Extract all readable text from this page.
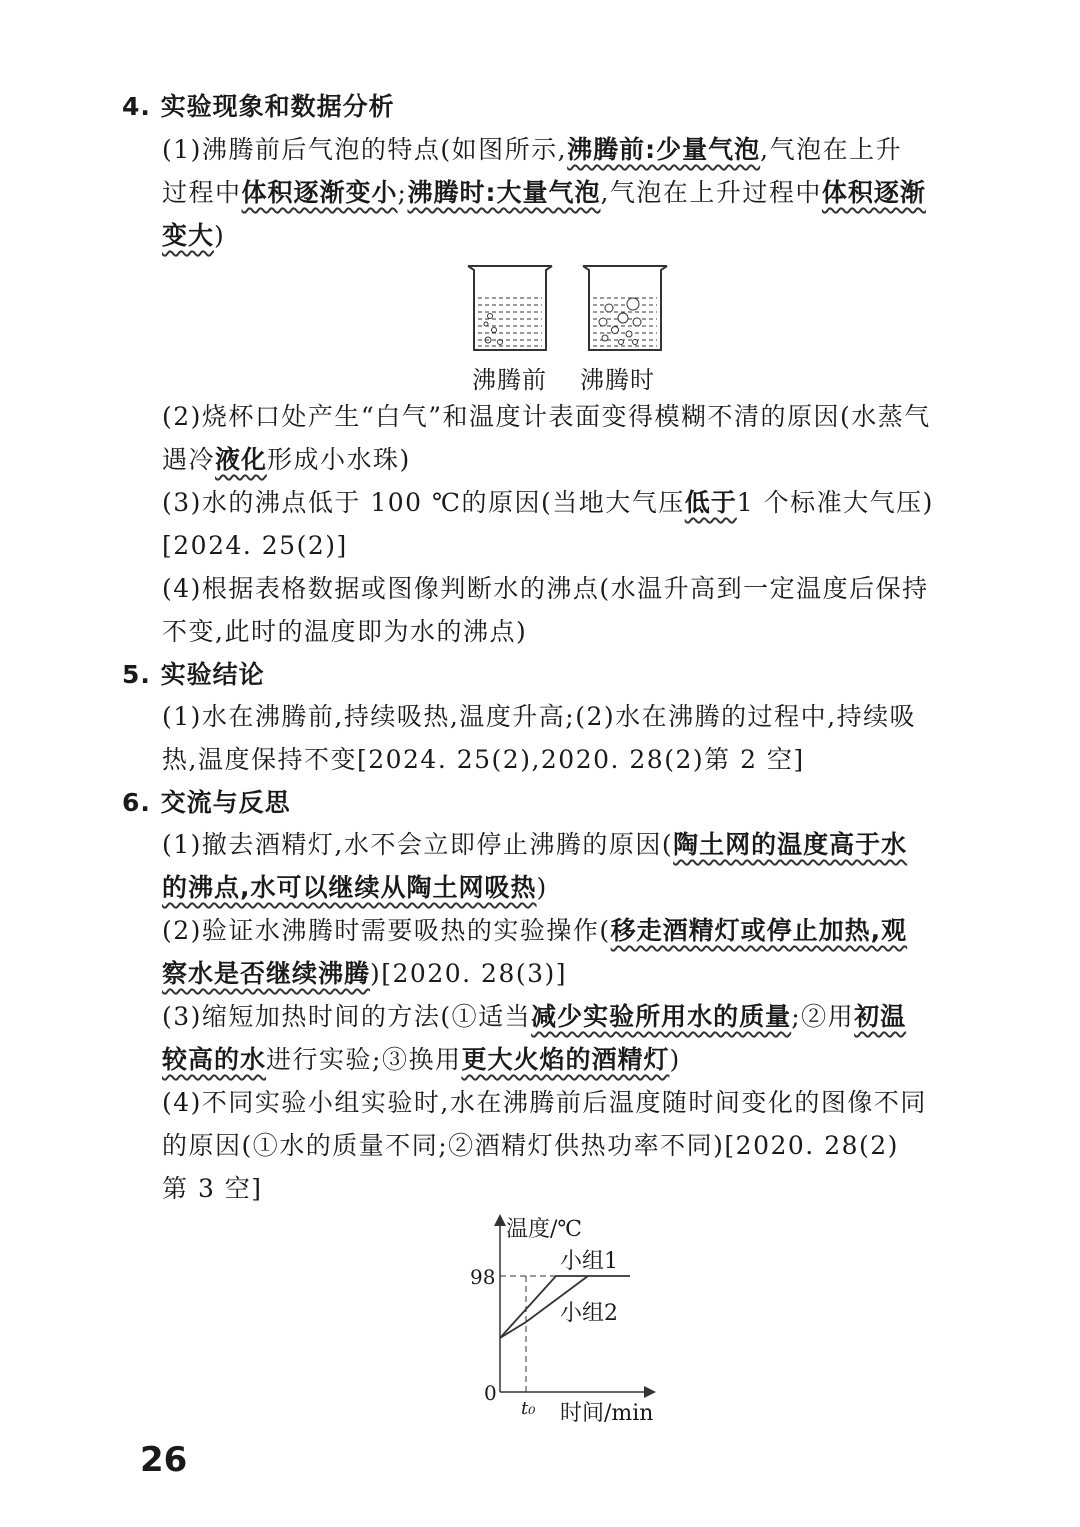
4. 实验现象和数据分析
(1)沸腾前后气泡的特点(如图所示,沸腾前:少量气泡,气泡在上升
过程中体积逐渐变小;沸腾时:大量气泡,气泡在上升过程中体积逐渐
变大)
沸腾前 沸腾时
(2)烧杯口处产生“白气”和温度计表面变得模糊不清的原因(水蒸气
遇冷液化形成小水珠)
(3)水的沸点低于 100 ℃的原因(当地大气压低于1 个标准大气压)
[2024. 25(2)]
(4)根据表格数据或图像判断水的沸点(水温升高到一定温度后保持
不变,此时的温度即为水的沸点)
5. 实验结论
(1)水在沸腾前,持续吸热,温度升高;(2)水在沸腾的过程中,持续吸
热,温度保持不变[2024. 25(2),2020. 28(2)第 2 空]
6. 交流与反思
(1)撤去酒精灯,水不会立即停止沸腾的原因(陶土网的温度高于水
的沸点,水可以继续从陶土网吸热)
(2)验证水沸腾时需要吸热的实验操作(移走酒精灯或停止加热,观
察水是否继续沸腾)[2020. 28(3)]
(3)缩短加热时间的方法(①适当减少实验所用水的质量;②用初温
较高的水进行实验;③换用更大火焰的酒精灯)
(4)不同实验小组实验时,水在沸腾前后温度随时间变化的图像不同
的原因(①水的质量不同;②酒精灯供热功率不同)[2020. 28(2)
第 3 空]
温度/℃
时间/min
0
98
t₀
小组1
小组2
26
